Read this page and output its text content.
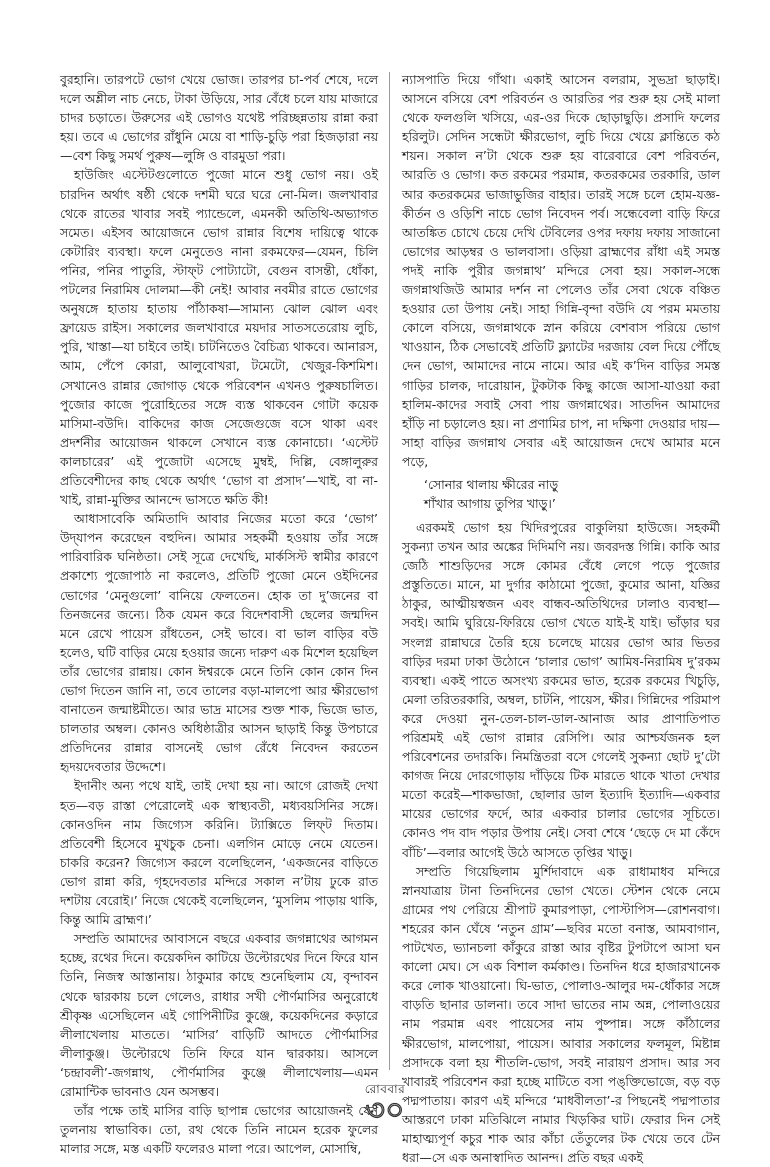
বুরহানি। তারপটে ভোগ খেয়ে ভোজ। তারপর চা-পর্ব শেষে, দলে দলে অশ্লীল নাচ নেচে, টাকা উড়িয়ে, সার বেঁধে চলে যায় মাজারে চাদর চড়াতে। উরুসের এই ভোগও যথেষ্ট পরিচ্ছন্নতায় রান্না করা হয়। তবে এ ভোগের রাঁধুনি মেয়ে বা শাড়ি-চুড়ি পরা হিজড়ারা নয়—বেশ কিছু সমর্থ পুরুষ—লুঙ্গি ও বারমুডা পরা।

হাউজিং এস্টেটগুলোতে পুজো মানে শুধু ভোগ নয়। ওই চারদিন অর্থাৎ ষষ্ঠী থেকে দশমী ঘরে ঘরে নো-মিল। জলখাবার থেকে রাতের খাবার সবই প্যান্ডেলে, এমনকী অতিথি-অভ্যাগত সমেত। এইসব আয়োজনে ভোগ রান্নার বিশেষ দায়িত্বে থাকে কেটারিং ব্যবস্থা। ফলে মেনুতেও নানা রকমফের—যেমন, চিলি পনির, পনির পাতুরি, স্টাফ্‌ট পোট্যাটো, বেগুন বাসন্তী, ধোঁকা, পটলের নিরামিষ দোলমা—কী নেই! আবার নবমীর রাতে ভোগের অনুষঙ্গে হাতায় হাতায় পাঁঠাকষা—সামান্য ঝোল ঝোল এবং ফ্রায়েড রাইস। সকালের জলখাবারে ময়দার সাতসতেরোয় লুচি, পুরি, খাস্তা—যা চাইবে তাই। চাটনিতেও বৈচিত্র্য থাকবে। আনারস, আম, পেঁপে কোরা, আলুবোখরা, টমেটো, খেজুর-কিশমিশ। সেখানেও রান্নার জোগাড় থেকে পরিবেশন এখনও পুরুষচালিত। পুজোর কাজে পুরোহিতের সঙ্গে ব্যস্ত থাকবেন গোটা কয়েক মাসিমা-বউদি। বাকিদের কাজ সেজেগুজে বসে থাকা এবং প্রদর্শনীর আয়োজন থাকলে সেখানে ব্যস্ত কোনাচো। ‘এস্টেট কালচারের’ এই পুজোটা এসেছে মুম্বই, দিল্লি, বেঙ্গালুরুর প্রতিবেশীদের কাছ থেকে অর্থাৎ ‘ভোগ বা প্রসাদ’—খাই, বা না-খাই, রান্না-মুক্তির আনন্দে ভাসতে ক্ষতি কী!

আধাসাবেকি অমিতাদি আবার নিজের মতো করে ‘ভোগ’ উদ্‌যাপন করেছেন বহুদিন। আমার সহকর্মী হওয়ায় তাঁর সঙ্গে পারিবারিক ঘনিষ্ঠতা। সেই সূত্রে দেখেছি, মার্কসিস্ট স্বামীর কারণে প্রকাশ্যে পুজোপাঠ না করলেও, প্রতিটি পুজো মেনে ওইদিনের ভোগের ‘মেনুগুলো’ বানিয়ে ফেলতেন। হোক তা দু’জনের বা তিনজনের জন্যে। ঠিক যেমন করে বিদেশবাসী ছেলের জন্মদিন মনে রেখে পায়েস রাঁধতেন, সেই ভাবে। বা ভাল বাড়ির বউ হলেও, ঘটি বাড়ির মেয়ে হওয়ার জন্যে দারুণ এক মিশেল হয়েছিল তাঁর ভোগের রান্নায়। কোন ঈশ্বরকে মেনে তিনি কোন কোন দিন ভোগ দিতেন জানি না, তবে তালের বড়া-মালপো আর ক্ষীরভোগ বানাতেন জন্মাষ্টমীতে। আর ভাদ্র মাসের শুক্ত শাক, ভিজে ভাত, চালতার অম্বল। কোনও অধিষ্ঠাত্রীর আসন ছাড়াই কিন্তু উপচারে প্রতিদিনের রান্নার বাসনেই ভোগ রেঁধে নিবেদন করতেন হৃদয়দেবতার উদ্দেশে।

ইদানীং অন্য পথে যাই, তাই দেখা হয় না। আগে রোজই দেখা হত—বড় রাস্তা পেরোলেই এক স্বাস্থ্যবতী, মধ্যবয়সিনির সঙ্গে। কোনওদিন নাম জিগ্যেস করিনি। ট্যাক্সিতে লিফ্‌ট দিতাম। প্রতিবেশী হিসেবে মুখচুক চেনা। এলগিন মোড়ে নেমে যেতেন। চাকরি করেন? জিগ্যেস করলে বলেছিলেন, ‘একজনের বাড়িতে ভোগ রান্না করি, গৃহদেবতার মন্দিরে সকাল ন’টায় ঢুকে রাত দশটায় বেরোই।’ নিজে থেকেই বলেছিলেন, ‘মুসলিম পাড়ায় থাকি, কিন্তু আমি ব্রাহ্মণ।’

সম্প্রতি আমাদের আবাসনে বছরে একবার জগন্নাথের আগমন হচ্ছে, রথের দিনে। কয়েকদিন কাটিয়ে উল্টোরথের দিনে ফিরে যান তিনি, নিজস্ব আস্তানায়। ঠাকুমার কাছে শুনেছিলাম যে, বৃন্দাবন থেকে দ্বারকায় চলে গেলেও, রাধার সখী পৌর্ণমাসির অনুরোধে শ্রীকৃষ্ণ এসেছিলেন এই গোপিনীটির কুঞ্জে, কয়েকদিনের কড়ারে লীলাখেলায় মাততে। ‘মাসির’ বাড়িটি আদতে পৌর্ণমাসির লীলাকুঞ্জ। উল্টোরথে তিনি ফিরে যান দ্বারকায়। আসলে ‘চন্দ্রাবলী’-জগন্নাথ, পৌর্ণমাসির কুঞ্জে লীলাখেলায়—এমন রোমান্টিক ভাবনাও যেন অসম্ভব।

তাঁর পক্ষে তাই মাসির বাড়ি ছাপান্ন ভোগের আয়োজনই যেন তুলনায় স্বাভাবিক। তো, রথ থেকে তিনি নামেন হরেক ফুলের মালার সঙ্গে, মস্ত একটি ফলেরও মালা পরে। আপেল, মোসাম্বি,

ন্যাসপাতি দিয়ে গাঁথা। একাই আসেন বলরাম, সুভদ্রা ছাড়াই। আসনে বসিয়ে বেশ পরিবর্তন ও আরতির পর শুরু হয় সেই মালা থেকে ফলগুলি খসিয়ে, এর-ওর দিকে ছোড়াছুড়ি। প্রসাদি ফলের হরিলুট। সেদিন সন্ধেটা ক্ষীরভোগ, লুচি দিয়ে খেয়ে ক্লান্তিতে কঠ শয়ন। সকাল ন’টা থেকে শুরু হয় বারেবারে বেশ পরিবর্তন, আরতি ও ভোগ। কত রকমের পরমান্ন, কতরকমের তরকারি, ডাল আর কতরকমের ভাজাভুজির বাহার। তারই সঙ্গে চলে হোম-যজ্ঞ-কীর্তন ও ওড়িশি নাচে ভোগ নিবেদন পর্ব। সন্ধেবেলা বাড়ি ফিরে আতঙ্কিত চোখে চেয়ে দেখি টেবিলের ওপর দফায় দফায় সাজানো ভোগের আড়ম্বর ও ভালবাসা। ওড়িয়া ব্রাহ্মণের রাঁধা এই সমস্ত পদই নাকি পুরীর জগন্নাথ’ মন্দিরে সেবা হয়। সকাল-সন্ধে জগন্নাথজিউ আমার দর্শন না পেলেও তাঁর সেবা থেকে বঞ্চিত হওয়ার তো উপায় নেই। সাহা গিন্নি-বৃন্দা বউদি যে পরম মমতায় কোলে বসিয়ে, জগন্নাথকে স্নান করিয়ে বেশবাস পরিয়ে ভোগ খাওয়ান, ঠিক সেভাবেই প্রতিটি ফ্ল্যাটের দরজায় বেল দিয়ে পৌঁছে দেন ভোগ, আমাদের নামে নামে। আর এই ক’দিন বাড়ির সমস্ত গাড়ির চালক, দারোয়ান, টুকটাক কিছু কাজে আসা-যাওয়া করা হালিম-কাদের সবাই সেবা পায় জগন্নাথের। সাতদিন আমাদের হাঁড়ি না চড়ালেও হয়। না প্রণামির চাপ, না দক্ষিণা দেওয়ার দায়—সাহা বাড়ির জগন্নাথ সেবার এই আয়োজন দেখে আমার মনে পড়ে,

‘সোনার থালায় ক্ষীরের নাড়ু
শাঁখার আগায় তুপির খাড়ু।’

এরকমই ভোগ হয় খিদিরপুরের বাকুলিয়া হাউজে। সহকর্মী সুকন্যা তখন আর অঙ্কের দিদিমণি নয়। জবরদস্ত গিন্নি। কাকি আর জেঠি শাশুড়িদের সঙ্গে কোমর বেঁধে লেগে পড়ে পুজোর প্রস্তুতিতে। মানে, মা দুর্গার কাঠামো পুজো, কুমোর আনা, যজ্ঞির ঠাকুর, আত্মীয়স্বজন এবং বান্ধব-অতিথিদের ঢালাও ব্যবস্থা—সবই। আমি ঘুরিয়ে-ফিরিয়ে ভোগ খেতে যাই-ই যাই। ভাঁড়ার ঘর সংলগ্ন রান্নাঘরে তৈরি হয়ে চলেছে মায়ের ভোগ আর ভিতর বাড়ির দরমা ঢাকা উঠোনে ‘চালার ভোগ’ আমিষ-নিরামিষ দু’রকম ব্যবস্থা। একই পাতে অসংখ্য রকমের ভাত, হরেক রকমের খিচুড়ি, মেলা তরিতরকারি, অম্বল, চাটনি, পায়েস, ক্ষীর। গিন্নিদের পরিমাপ করে দেওয়া নুন-তেল-চাল-ডাল-আনাজ আর প্রাণাতিপাত পরিশ্রমই এই ভোগ রান্নার রেসিপি। আর আশ্চর্যজনক হল পরিবেশনের তদারকি। নিমন্ত্রিতরা বসে গেলেই সুকন্যা ছোট দু’টো কাগজ নিয়ে দোরগোড়ায় দাঁড়িয়ে টিক মারতে থাকে খাতা দেখার মতো করেই—শাকভাজা, ছোলার ডাল ইত্যাদি ইত্যাদি—একবার মায়ের ভোগের ফর্দে, আর একবার চালার ভোগের সূচিতে। কোনও পদ বাদ পড়ার উপায় নেই। সেবা শেষে ‘ছেড়ে দে মা কেঁদে বাঁচি’—বলার আগেই উঠে আসতে তৃপ্তির খাড়ু।

সম্প্রতি গিয়েছিলাম মুর্শিদাবাদে এক রাধামাধব মন্দিরে স্নানযাত্রায় টানা তিনদিনের ভোগ খেতে। স্টেশন থেকে নেমে গ্রামের পথ পেরিয়ে শ্রীপাট কুমারপাড়া, পোস্টাপিস—রোশনবাগ। শহরের কান ঘেঁষে ‘নতুন গ্রাম’—ছবির মতো বনাস্ত, আমবাগান, পাটখেত, ভ্যানচলা কাঁকুরে রাস্তা আর বৃষ্টির টুপটাপে আসা ঘন কালো মেঘ। সে এক বিশাল কর্মকাণ্ড। তিনদিন ধরে হাজারখানেক করে লোক খাওয়ানো। ঘি-ভাত, পোলাও-আলুর দম-ধোঁকার সঙ্গে বাড়তি ছানার ডালনা। তবে সাদা ভাতের নাম অন্ন, পোলাওয়ের নাম পরমান্ন এবং পায়েসের নাম পুষ্পান্ন। সঙ্গে কাঁঠালের ক্ষীরভোগ, মালপোয়া, পায়েস। আবার সকালের ফলমূল, মিষ্টান্ন প্রসাদকে বলা হয় শীতলি-ভোগ, সবই নারায়ণ প্রসাদ। আর সব খাবারই পরিবেশন করা হচ্ছে মাটিতে বসা পঙ্‌ক্তিভোজে, বড় বড় পদ্মপাতায়। কারণ এই মন্দিরে ‘মাধবীলতা’-র পিছনেই পদ্মপাতার আস্তরণে ঢাকা মতিঝিলে নামার খিড়কির ঘাট। ফেরার দিন সেই মাহাত্ম্যপূর্ণ কচুর শাক আর কাঁচা তেঁতুলের টক খেয়ে তবে টেন ধরা—সে এক অনাস্বাদিত আনন্দ। প্রতি বছর একই

রোববার
৩০
